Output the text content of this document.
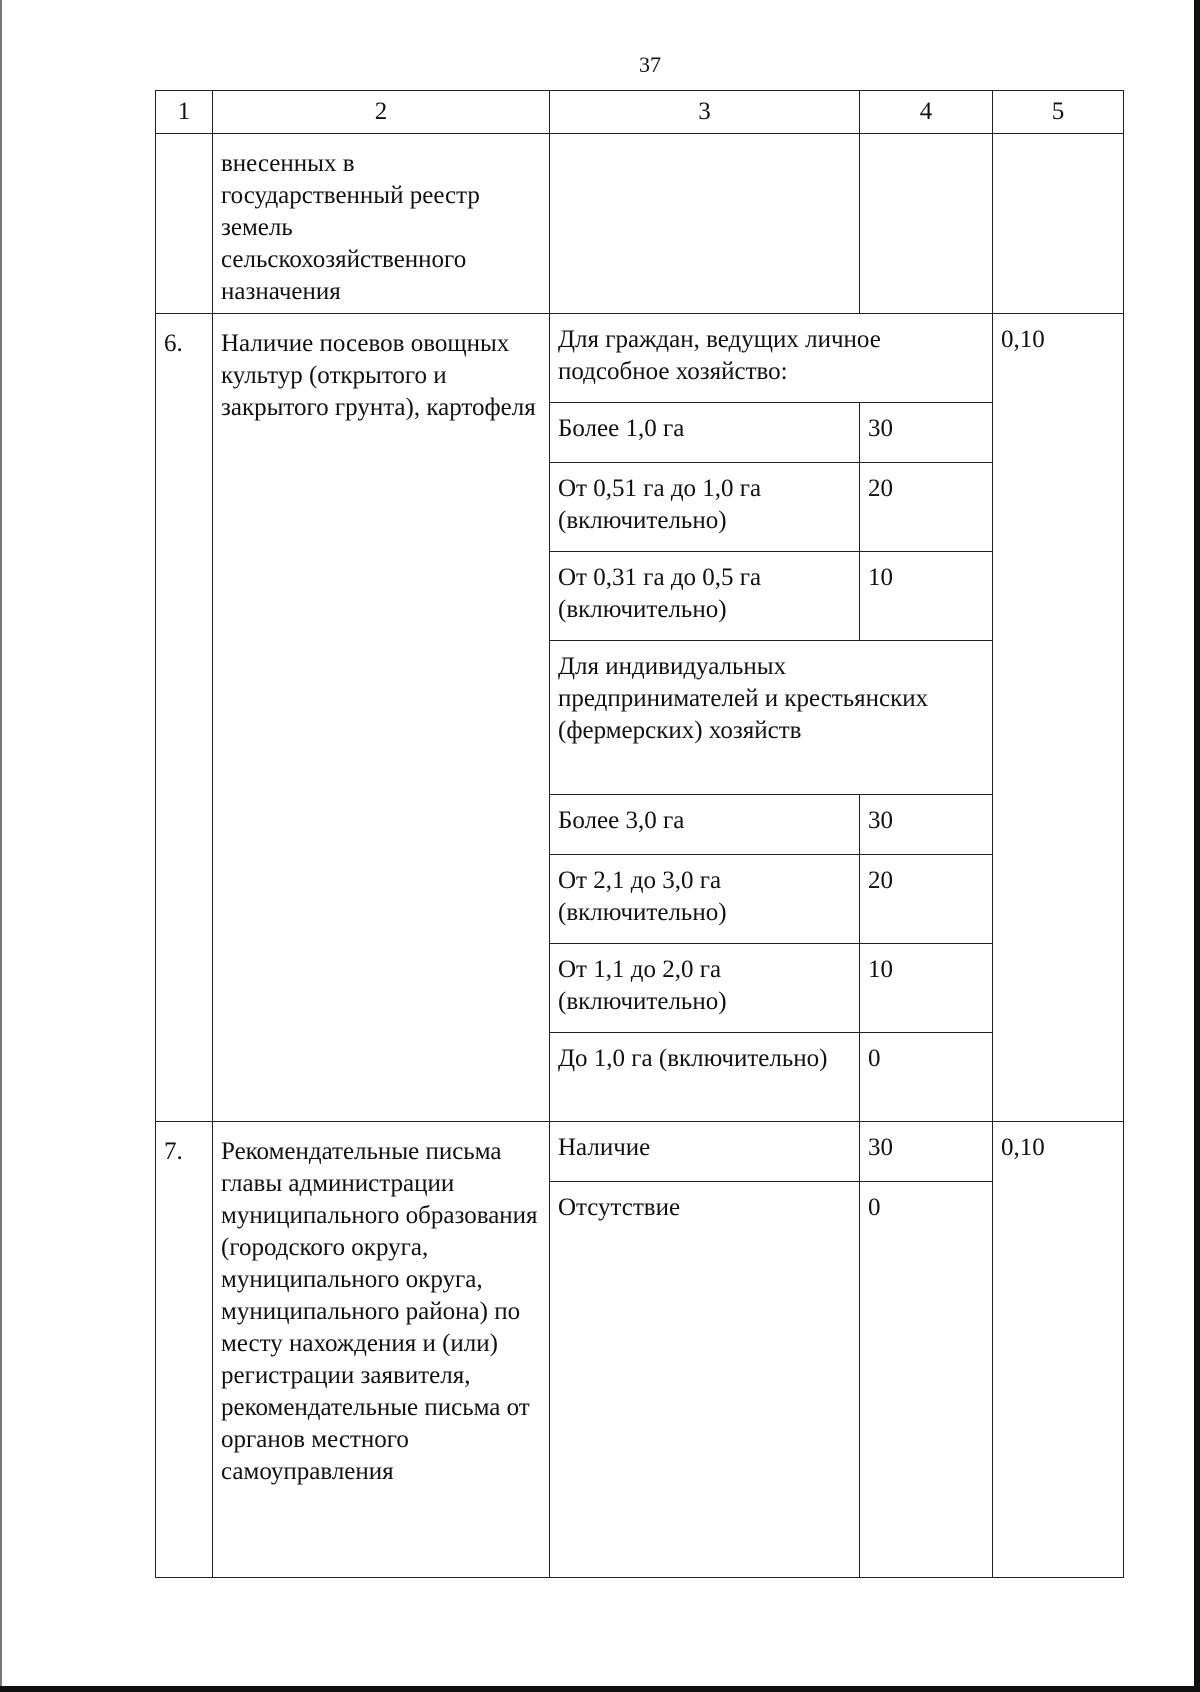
37
1	2	3	4	5
	внесенных в государственный реестр земель сельскохозяйственного назначения			
6.	Наличие посевов овощных культур (открытого и закрытого грунта), картофеля	Для граждан, ведущих личное подсобное хозяйство:		0,10
		Более 1,0 га	30	
		От 0,51 га до 1,0 га (включительно)	20	
		От 0,31 га до 0,5 га (включительно)	10	
		Для индивидуальных предпринимателей и крестьянских (фермерских) хозяйств		
		Более 3,0 га	30	
		От 2,1 до 3,0 га (включительно)	20	
		От 1,1 до 2,0 га (включительно)	10	
		До 1,0 га (включительно)	0	
7.	Рекомендательные письма главы администрации муниципального образования (городского округа, муниципального округа, муниципального района) по месту нахождения и (или) регистрации заявителя, рекомендательные письма от органов местного самоуправления	Наличие	30	0,10
		Отсутствие	0	
